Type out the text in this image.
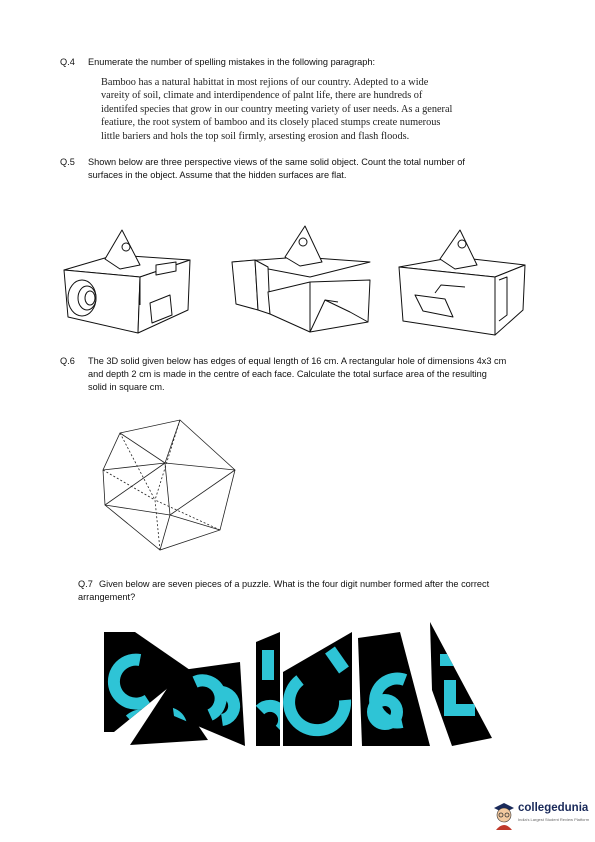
Q.4 Enumerate the number of spelling mistakes in the following paragraph:
Bamboo has a natural habittat in most rejions of our country. Adepted to a wide
vareity of soil, climate and interdipendence of palnt life, there are hundreds of
identifed species that grow in our country meeting variety of user needs. As a general
featiure, the root system of bamboo and its closely placed stumps create numerous
little bariers and hols the top soil firmly, arsesting erosion and flash floods.
Q.5 Shown below are three perspective views of the same solid object. Count the total number of
surfaces in the object. Assume that the hidden surfaces are flat.
Q.6 The 3D solid given below has edges of equal length of 16 cm. A rectangular hole of dimensions 4x3 cm
and depth 2 cm is made in the centre of each face. Calculate the total surface area of the resulting
solid in square cm.
Q.7 Given below are seven pieces of a puzzle. What is the four digit number formed after the correct
arrangement?
collegedunia
India's Largest Student Review Platform
